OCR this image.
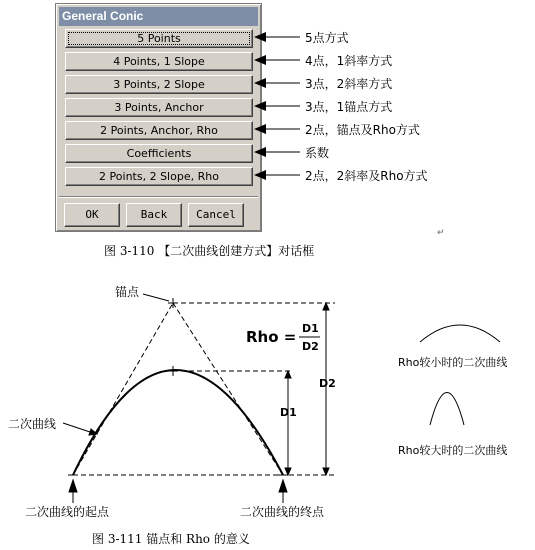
General Conic
5 Points
4 Points, 1 Slope
3 Points, 2 Slope
3 Points, Anchor
2 Points, Anchor, Rho
Coefficients
2 Points, 2 Slope, Rho
OK	Back	Cancel
5点方式
4点，1斜率方式
3点，2斜率方式
3点，1锚点方式
2点，锚点及Rho方式
系数
2点，2斜率及Rho方式
图 3-110 【二次曲线创建方式】对话框
↵
锚点
Rho = D1
D2
D1
D2
二次曲线
二次曲线的起点	二次曲线的终点
Rho较小时的二次曲线
Rho较大时的二次曲线
图 3-111 锚点和 Rho 的意义
